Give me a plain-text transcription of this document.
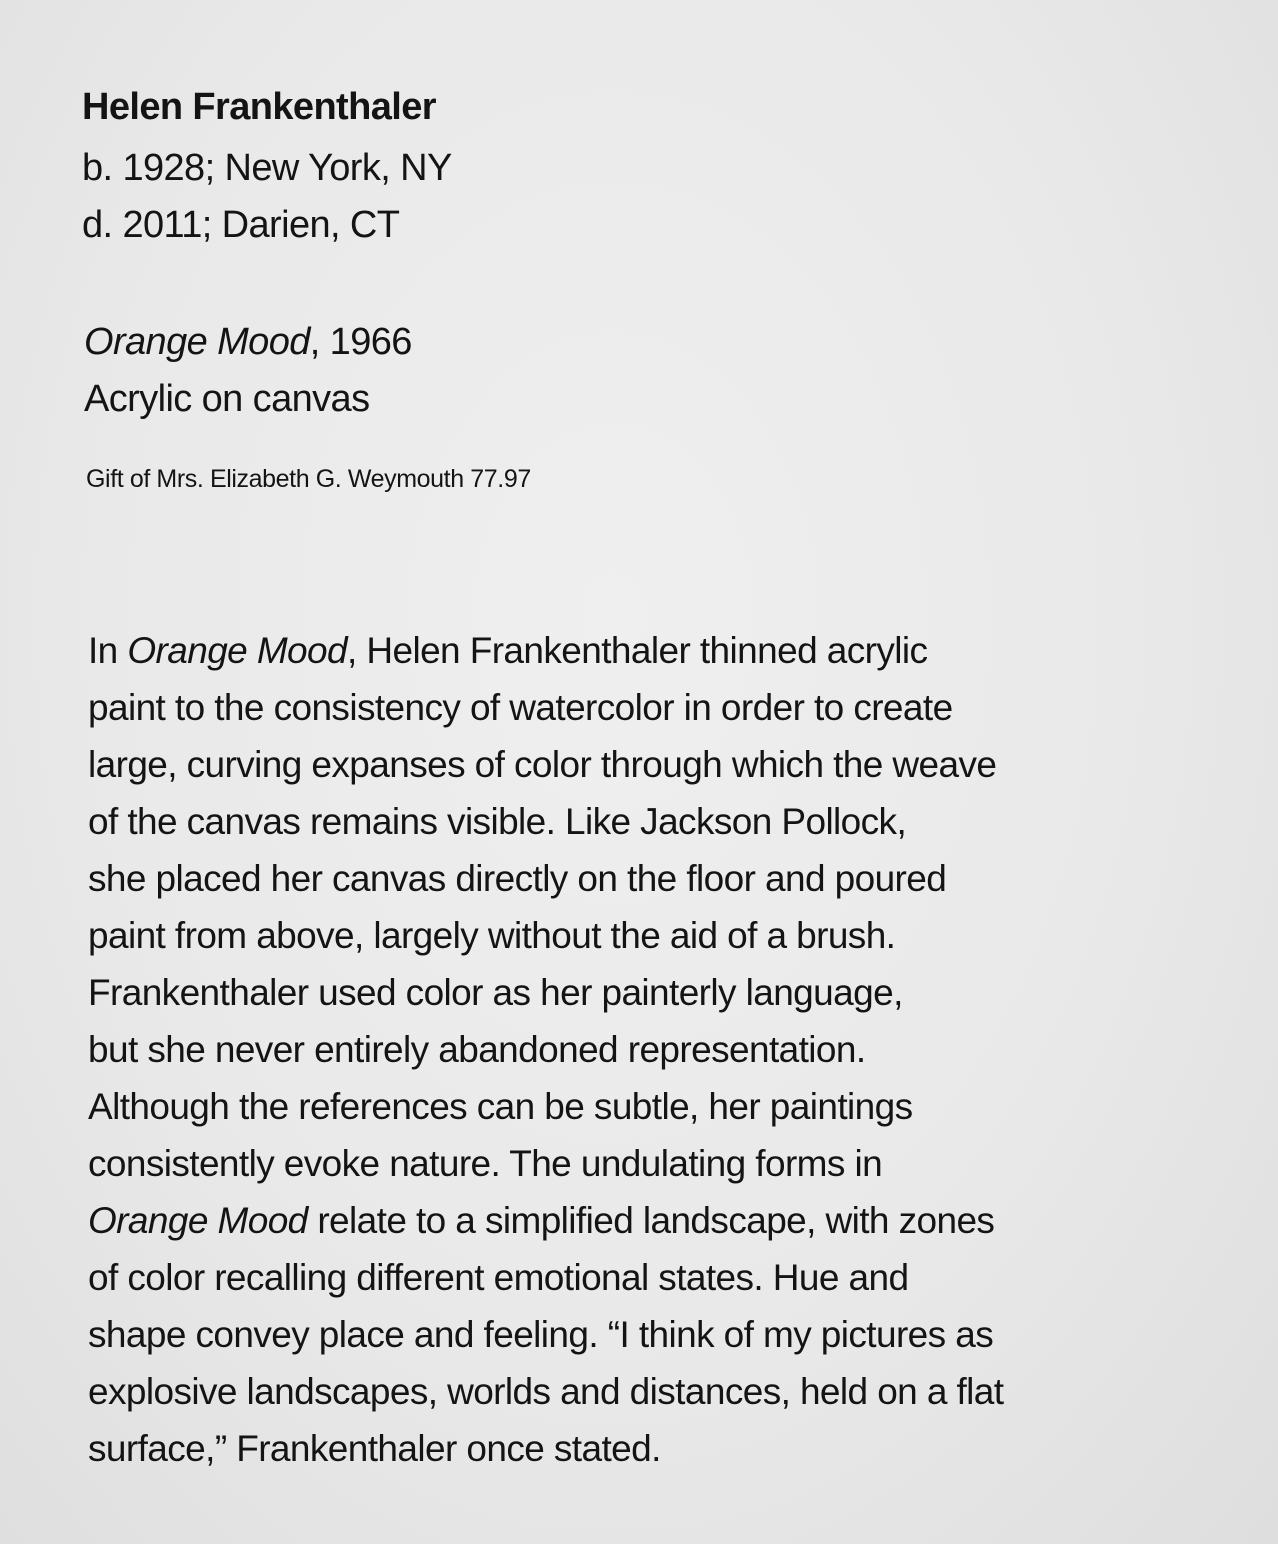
Helen Frankenthaler
b. 1928; New York, NY
d. 2011; Darien, CT
Orange Mood, 1966
Acrylic on canvas
Gift of Mrs. Elizabeth G. Weymouth 77.97
In Orange Mood, Helen Frankenthaler thinned acrylic
paint to the consistency of watercolor in order to create
large, curving expanses of color through which the weave
of the canvas remains visible. Like Jackson Pollock,
she placed her canvas directly on the floor and poured
paint from above, largely without the aid of a brush.
Frankenthaler used color as her painterly language,
but she never entirely abandoned representation.
Although the references can be subtle, her paintings
consistently evoke nature. The undulating forms in
Orange Mood relate to a simplified landscape, with zones
of color recalling different emotional states. Hue and
shape convey place and feeling. “I think of my pictures as
explosive landscapes, worlds and distances, held on a flat
surface,” Frankenthaler once stated.
